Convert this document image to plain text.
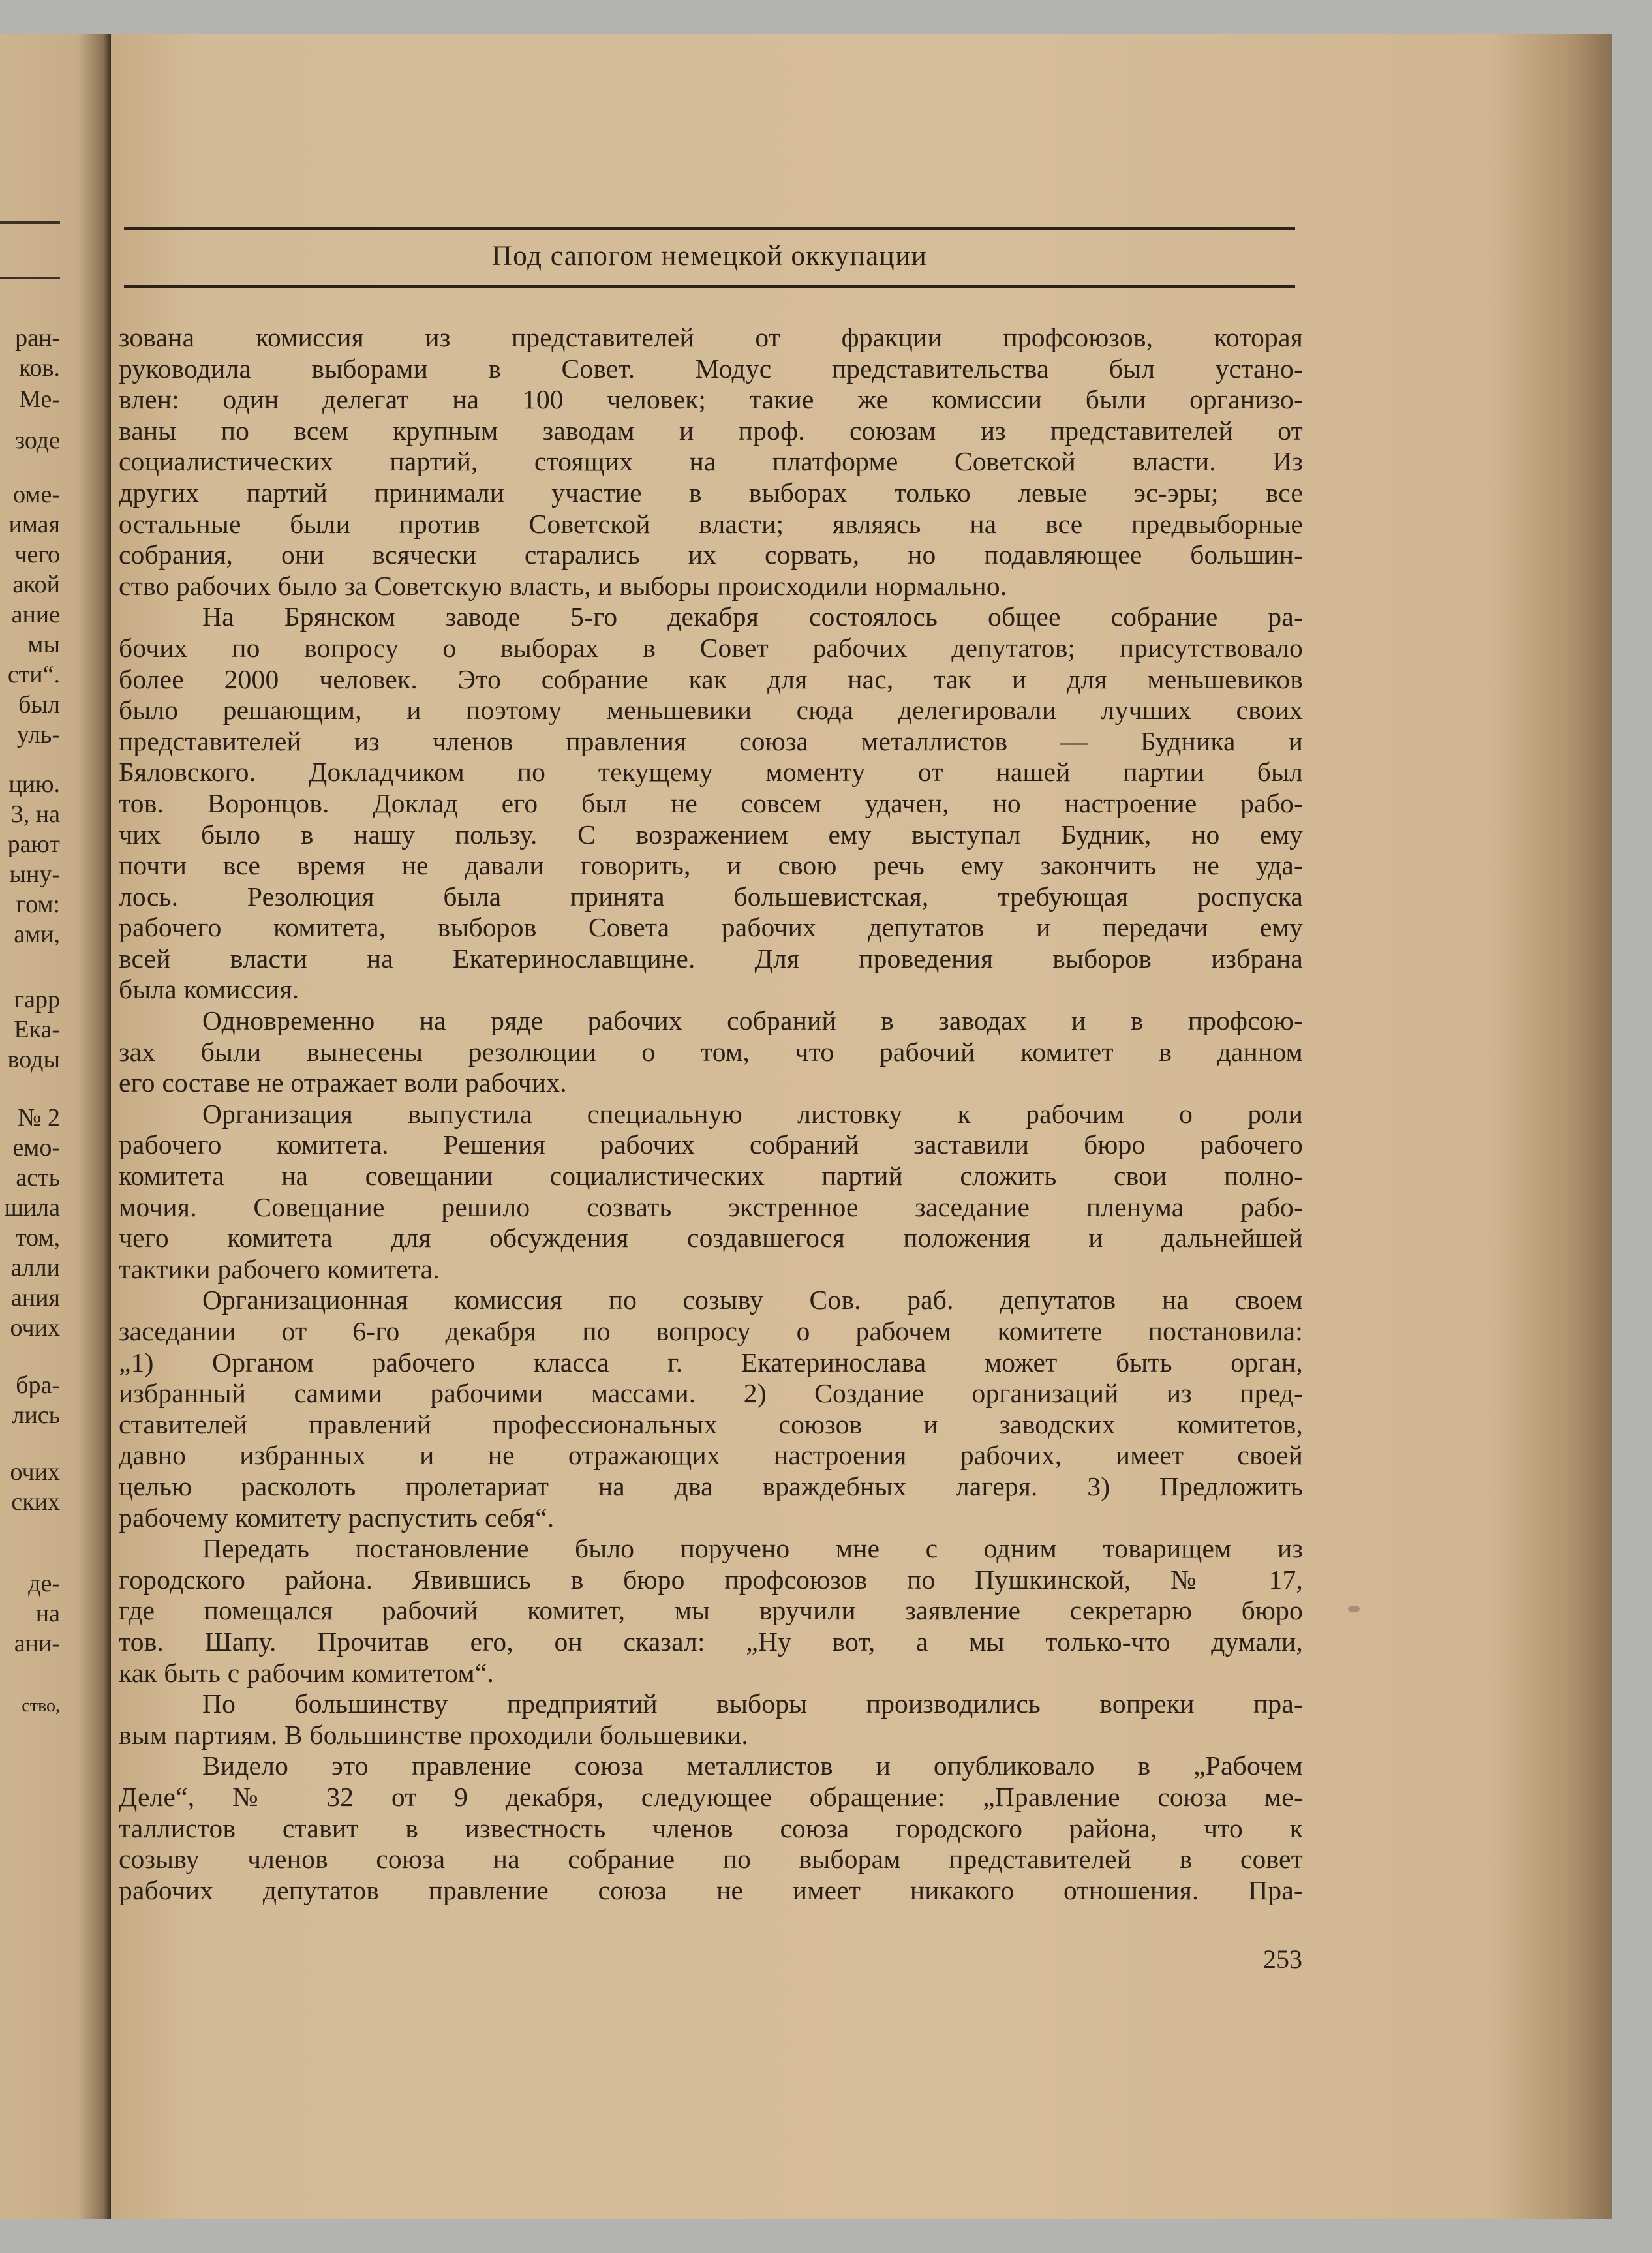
ран-
ков.
Ме-
зоде
оме-
имая
чего
акой
ание
мы
сти“.
был
уль-
цию.
3, на
рают
ыну-
гом:
ами,
гарр
Ека-
воды
№ 2
емо-
асть
шила
том,
алли
ания
очих
бра-
лись
очих
ских
де-
на
ани-
ство,
Под сапогом немецкой оккупации
зована комиссия из представителей от фракции профсоюзов, которая
руководила выборами в Совет. Модус представительства был устано-
влен: один делегат на 100 человек; такие же комиссии были организо-
ваны по всем крупным заводам и проф. союзам из представителей от
социалистических партий, стоящих на платформе Советской власти. Из
других партий принимали участие в выборах только левые эс-эры; все
остальные были против Советской власти; являясь на все предвыборные
собрания, они всячески старались их сорвать, но подавляющее большин-
ство рабочих было за Советскую власть, и выборы происходили нормально.
На Брянском заводе 5-го декабря состоялось общее собрание ра-
бочих по вопросу о выборах в Совет рабочих депутатов; присутствовало
более 2000 человек. Это собрание как для нас, так и для меньшевиков
было решающим, и поэтому меньшевики сюда делегировали лучших своих
представителей из членов правления союза металлистов — Будника и
Бяловского. Докладчиком по текущему моменту от нашей партии был
тов. Воронцов. Доклад его был не совсем удачен, но настроение рабо-
чих было в нашу пользу. С возражением ему выступал Будник, но ему
почти все время не давали говорить, и свою речь ему закончить не уда-
лось. Резолюция была принята большевистская, требующая роспуска
рабочего комитета, выборов Совета рабочих депутатов и передачи ему
всей власти на Екатеринославщине. Для проведения выборов избрана
была комиссия.
Одновременно на ряде рабочих собраний в заводах и в профсою-
зах были вынесены резолюции о том, что рабочий комитет в данном
его составе не отражает воли рабочих.
Организация выпустила специальную листовку к рабочим о роли
рабочего комитета. Решения рабочих собраний заставили бюро рабочего
комитета на совещании социалистических партий сложить свои полно-
мочия. Совещание решило созвать экстренное заседание пленума рабо-
чего комитета для обсуждения создавшегося положения и дальнейшей
тактики рабочего комитета.
Организационная комиссия по созыву Сов. раб. депутатов на своем
заседании от 6-го декабря по вопросу о рабочем комитете постановила:
„1) Органом рабочего класса г. Екатеринослава может быть орган,
избранный самими рабочими массами. 2) Создание организаций из пред-
ставителей правлений профессиональных союзов и заводских комитетов,
давно избранных и не отражающих настроения рабочих, имеет своей
целью расколоть пролетариат на два враждебных лагеря. 3) Предложить
рабочему комитету распустить себя“.
Передать постановление было поручено мне с одним товарищем из
городского района. Явившись в бюро профсоюзов по Пушкинской, № 17,
где помещался рабочий комитет, мы вручили заявление секретарю бюро
тов. Шапу. Прочитав его, он сказал: „Ну вот, а мы только-что думали,
как быть с рабочим комитетом“.
По большинству предприятий выборы производились вопреки пра-
вым партиям. В большинстве проходили большевики.
Видело это правление союза металлистов и опубликовало в „Рабочем
Деле“, № 32 от 9 декабря, следующее обращение: „Правление союза ме-
таллистов ставит в известность членов союза городского района, что к
созыву членов союза на собрание по выборам представителей в совет
рабочих депутатов правление союза не имеет никакого отношения. Пра-
253
